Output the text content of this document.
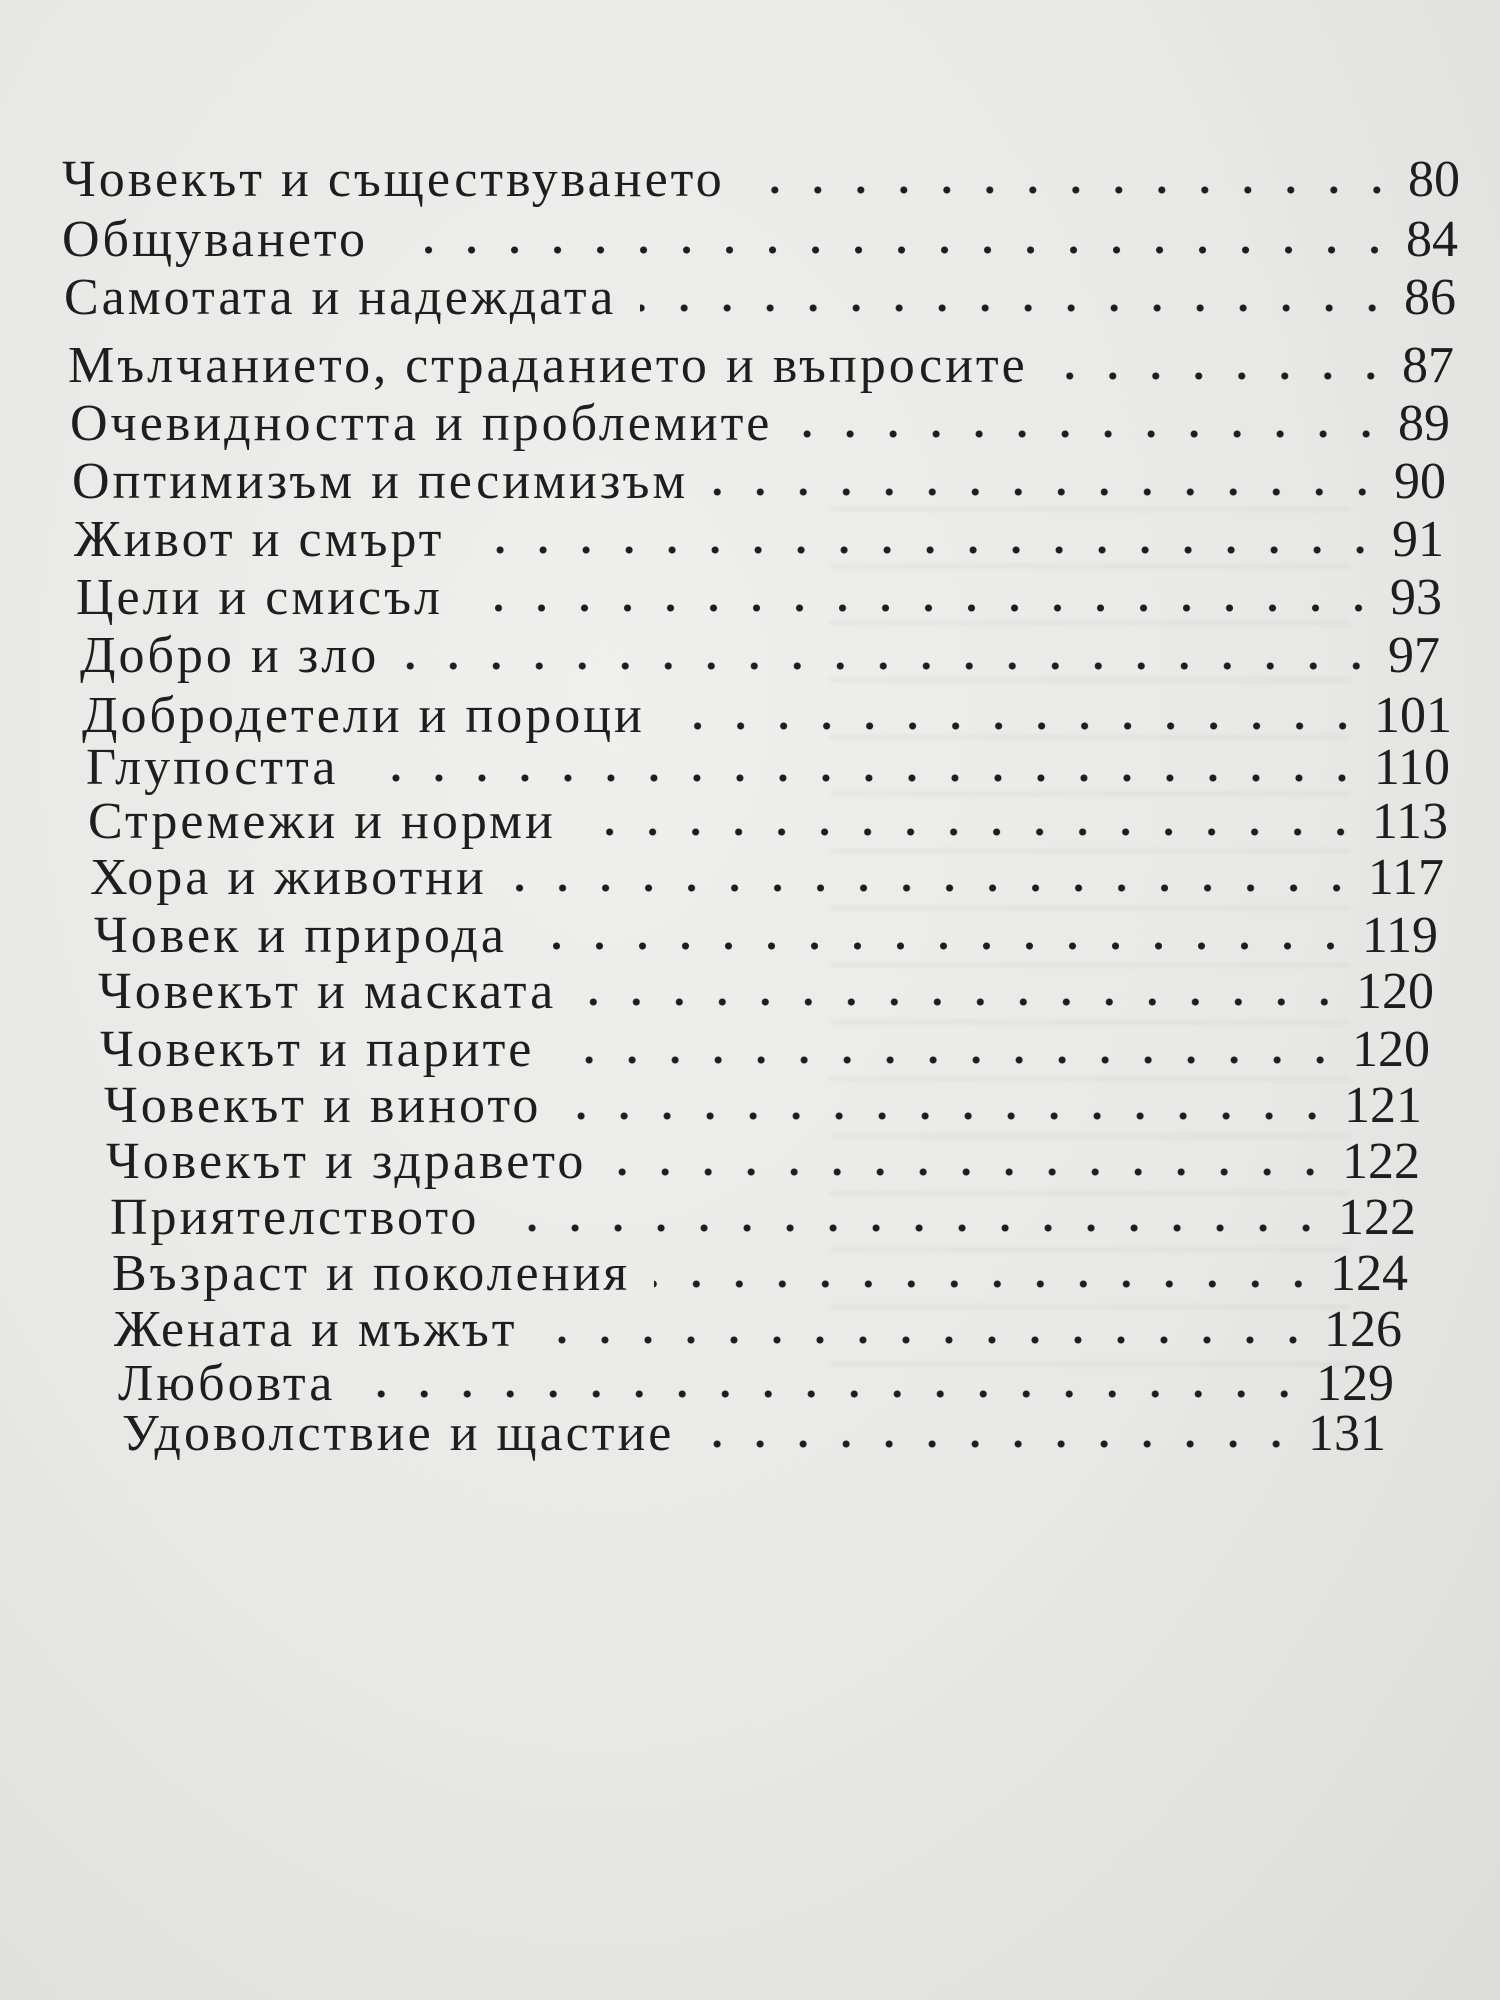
Човекът и съществуването	80
Общуването	84
Самотата и надеждата	86
Мълчанието, страданието и въпросите	87
Очевидността и проблемите	89
Оптимизъм и песимизъм	90
Живот и смърт	91
Цели и смисъл	93
Добро и зло	97
Добродетели и пороци	101
Глупостта	110
Стремежи и норми	113
Хора и животни	117
Човек и природа	119
Човекът и маската	120
Човекът и парите	120
Човекът и виното	121
Човекът и здравето	122
Приятелството	122
Възраст и поколения	124
Жената и мъжът	126
Любовта	129
Удоволствие и щастие	131
